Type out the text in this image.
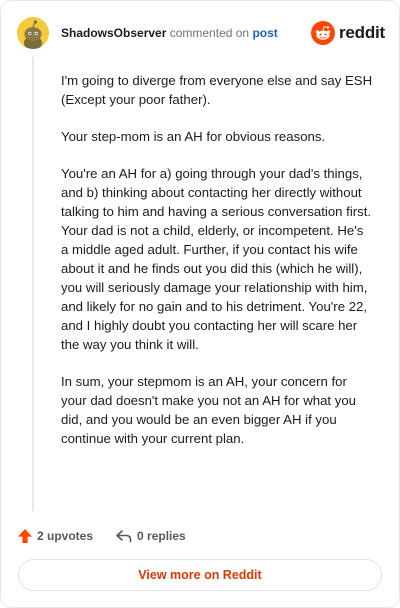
ShadowsObserver commented on post	reddit

I'm going to diverge from everyone else and say ESH (Except your poor father).

Your step-mom is an AH for obvious reasons.

You're an AH for a) going through your dad's things, and b) thinking about contacting her directly without talking to him and having a serious conversation first. Your dad is not a child, elderly, or incompetent. He's a middle aged adult. Further, if you contact his wife about it and he finds out you did this (which he will), you will seriously damage your relationship with him, and likely for no gain and to his detriment. You're 22, and I highly doubt you contacting her will scare her the way you think it will.

In sum, your stepmom is an AH, your concern for your dad doesn't make you not an AH for what you did, and you would be an even bigger AH if you continue with your current plan.

2 upvotes	0 replies
View more on Reddit
